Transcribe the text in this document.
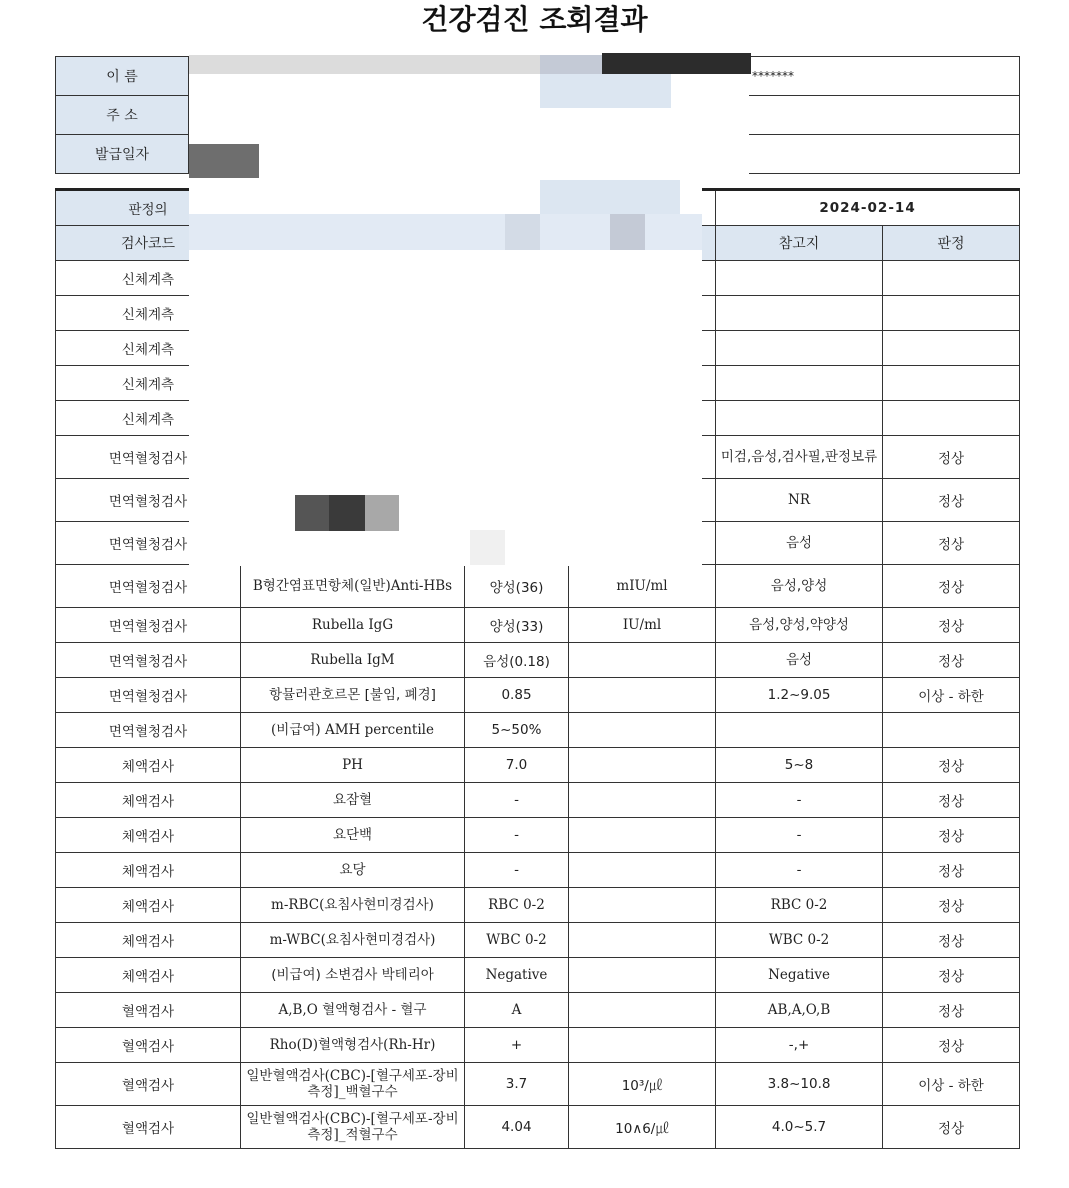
건강검진 조회결과
이 름	*******
주 소	
발급일자	
판정의				2024-02-14	
검사코드				참고지	판정
신체계측					
신체계측					
신체계측					
신체계측					
신체계측					
면역혈청검사				미검,음성,검사필,판정보류	정상
면역혈청검사				NR	정상
면역혈청검사				음성	정상
면역혈청검사	B형간염표면항체(일반)Anti-HBs	양성(36)	mIU/ml	음성,양성	정상
면역혈청검사	Rubella IgG	양성(33)	IU/ml	음성,양성,약양성	정상
면역혈청검사	Rubella IgM	음성(0.18)		음성	정상
면역혈청검사	항뮬러관호르몬 [불임, 폐경]	0.85		1.2~9.05	이상 - 하한
면역혈청검사	(비급여) AMH percentile	5~50%			
체액검사	PH	7.0		5~8	정상
체액검사	요잠혈	-		-	정상
체액검사	요단백	-		-	정상
체액검사	요당	-		-	정상
체액검사	m-RBC(요침사현미경검사)	RBC 0-2		RBC 0-2	정상
체액검사	m-WBC(요침사현미경검사)	WBC 0-2		WBC 0-2	정상
체액검사	(비급여) 소변검사 박테리아	Negative		Negative	정상
혈액검사	A,B,O 혈액형검사 - 혈구	A		AB,A,O,B	정상
혈액검사	Rho(D)혈액형검사(Rh-Hr)	+		-,+	정상
혈액검사	일반혈액검사(CBC)-[혈구세포-장비측정]_백혈구수	3.7	10³/㎕	3.8~10.8	이상 - 하한
혈액검사	일반혈액검사(CBC)-[혈구세포-장비측정]_적혈구수	4.04	10∧6/㎕	4.0~5.7	정상
